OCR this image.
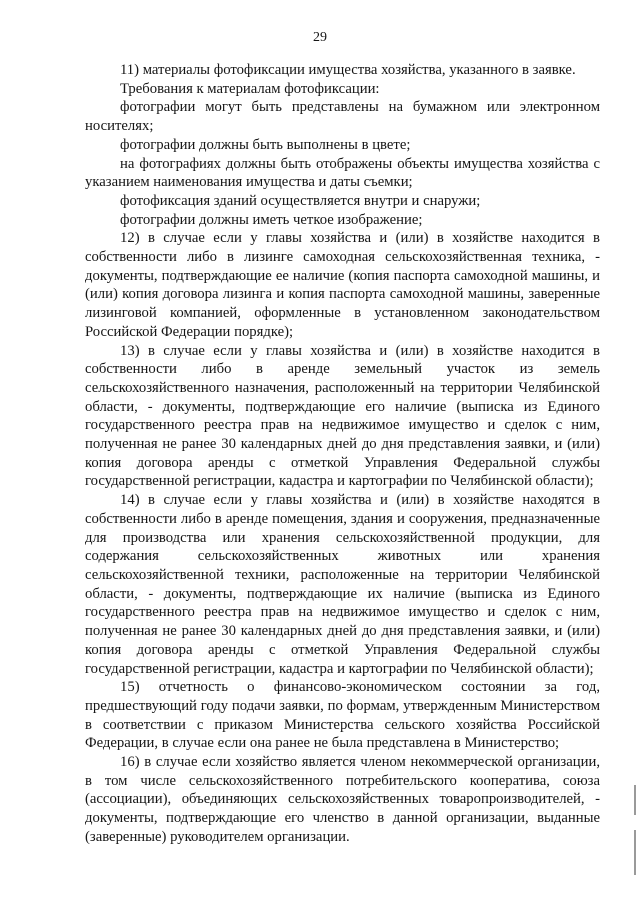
29

11) материалы фотофиксации имущества хозяйства, указанного в заявке.

Требования к материалам фотофиксации:

фотографии могут быть представлены на бумажном или электронном носителях;

фотографии должны быть выполнены в цвете;

на фотографиях должны быть отображены объекты имущества хозяйства с указанием наименования имущества и даты съемки;

фотофиксация зданий осуществляется внутри и снаружи;

фотографии должны иметь четкое изображение;

12) в случае если у главы хозяйства и (или) в хозяйстве находится в собственности либо в лизинге самоходная сельскохозяйственная техника, - документы, подтверждающие ее наличие (копия паспорта самоходной машины, и (или) копия договора лизинга и копия паспорта самоходной машины, заверенные лизинговой компанией, оформленные в установленном законодательством Российской Федерации порядке);

13) в случае если у главы хозяйства и (или) в хозяйстве находится в собственности либо в аренде земельный участок из земель сельскохозяйственного назначения, расположенный на территории Челябинской области, - документы, подтверждающие его наличие (выписка из Единого государственного реестра прав на недвижимое имущество и сделок с ним, полученная не ранее 30 календарных дней до дня представления заявки, и (или) копия договора аренды с отметкой Управления Федеральной службы государственной регистрации, кадастра и картографии по Челябинской области);

14) в случае если у главы хозяйства и (или) в хозяйстве находятся в собственности либо в аренде помещения, здания и сооружения, предназначенные для производства или хранения сельскохозяйственной продукции, для содержания сельскохозяйственных животных или хранения сельскохозяйственной техники, расположенные на территории Челябинской области, - документы, подтверждающие их наличие (выписка из Единого государственного реестра прав на недвижимое имущество и сделок с ним, полученная не ранее 30 календарных дней до дня представления заявки, и (или) копия договора аренды с отметкой Управления Федеральной службы государственной регистрации, кадастра и картографии по Челябинской области);

15) отчетность о финансово-экономическом состоянии за год, предшествующий году подачи заявки, по формам, утвержденным Министерством в соответствии с приказом Министерства сельского хозяйства Российской Федерации, в случае если она ранее не была представлена в Министерство;

16) в случае если хозяйство является членом некоммерческой организации, в том числе сельскохозяйственного потребительского кооператива, союза (ассоциации), объединяющих сельскохозяйственных товаропроизводителей, - документы, подтверждающие его членство в данной организации, выданные (заверенные) руководителем организации.
